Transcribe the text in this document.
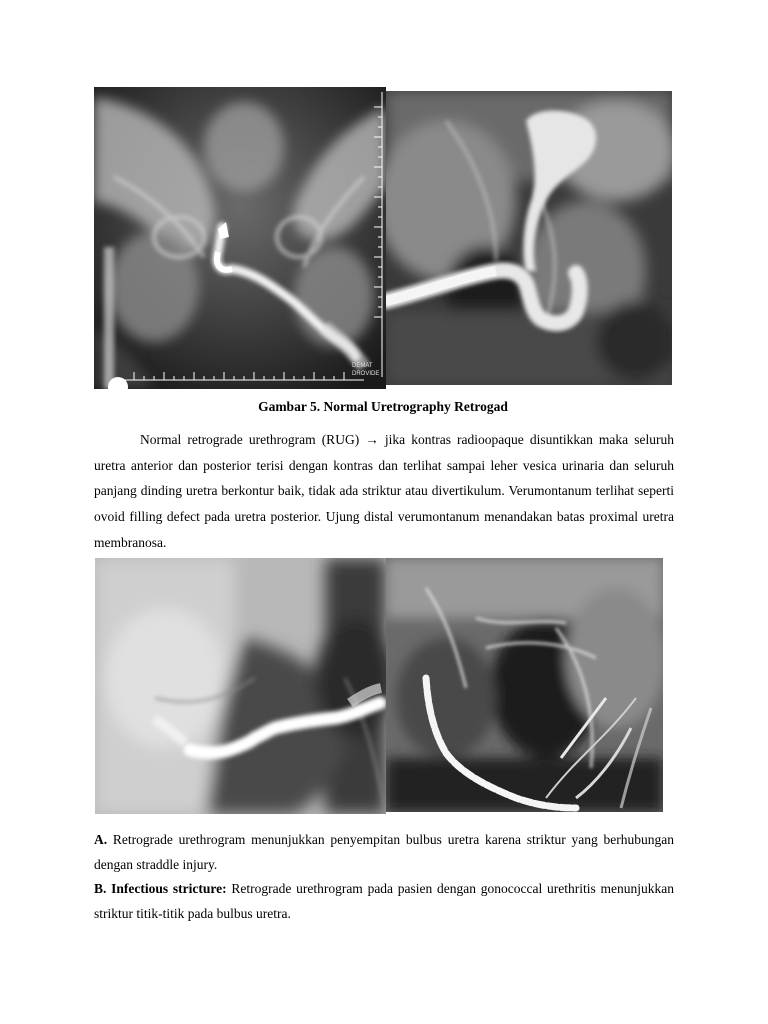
DEMAT
DROVIDE
Gambar 5. Normal Uretrography Retrogad

Normal retrograde urethrogram (RUG) → jika kontras radioopaque disuntikkan maka seluruh uretra anterior dan posterior terisi dengan kontras dan terlihat sampai leher vesica urinaria dan seluruh panjang dinding uretra berkontur baik, tidak ada striktur atau divertikulum. Verumontanum terlihat seperti ovoid filling defect pada uretra posterior. Ujung distal verumontanum menandakan batas proximal uretra membranosa.

A. Retrograde urethrogram menunjukkan penyempitan bulbus uretra karena striktur yang berhubungan dengan straddle injury.

B. Infectious stricture: Retrograde urethrogram pada pasien dengan gonococcal urethritis menunjukkan striktur titik-titik pada bulbus uretra.
